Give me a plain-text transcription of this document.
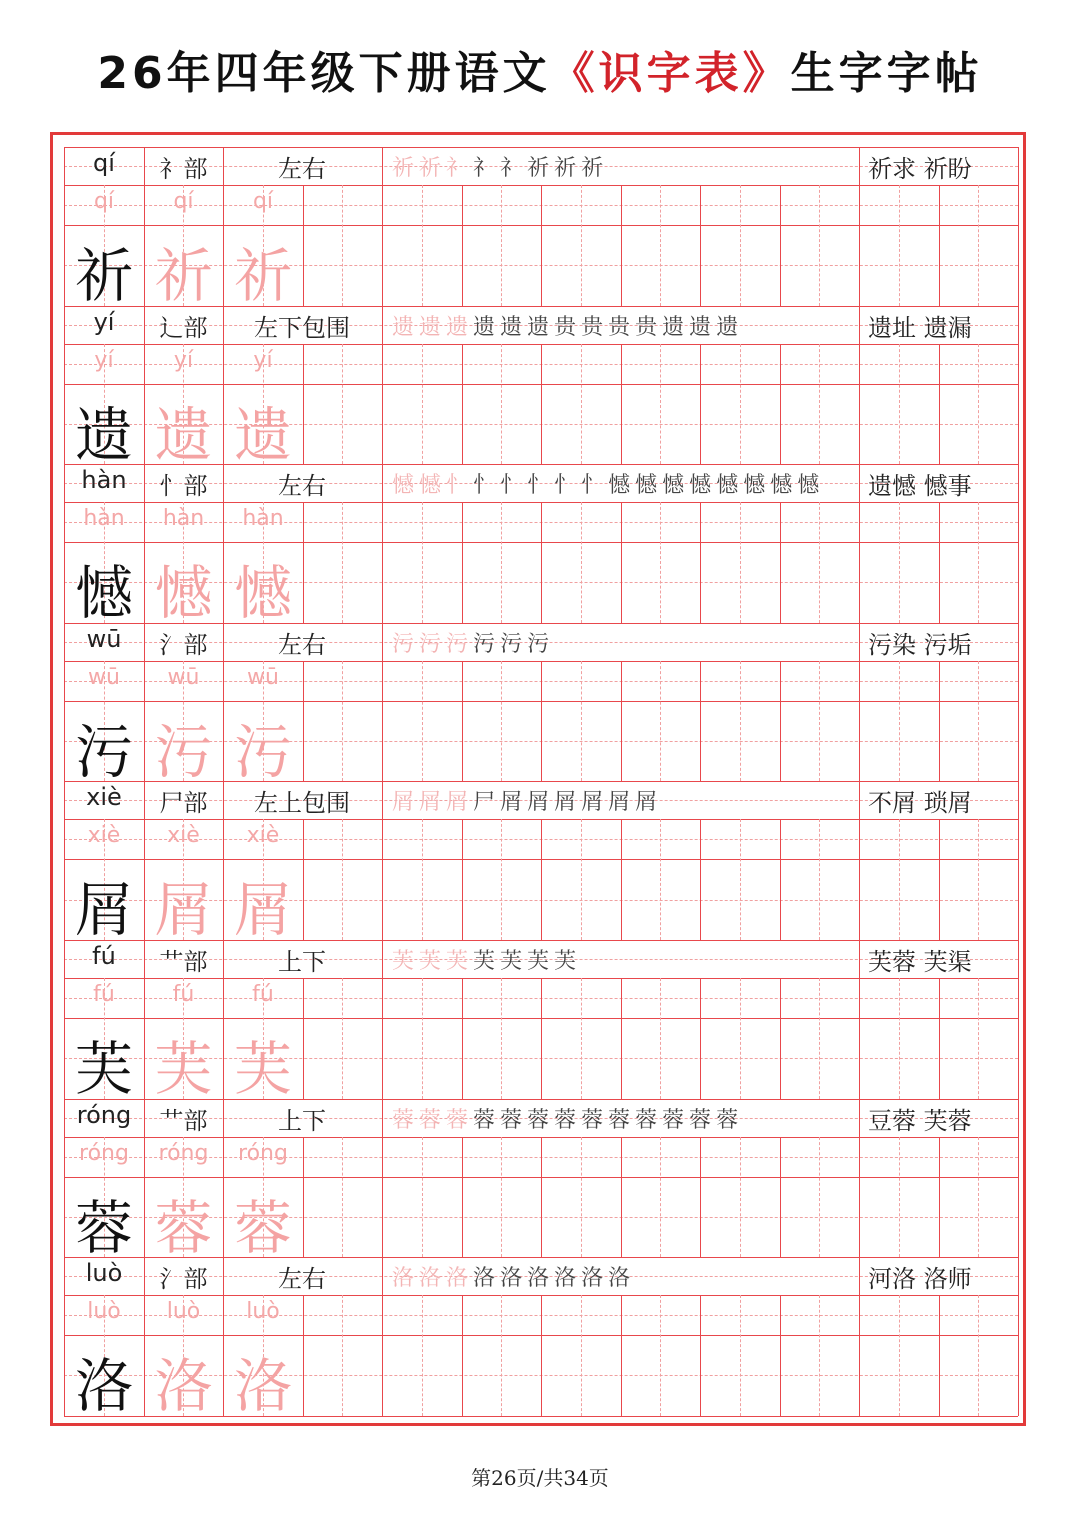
26年四年级下册语文《识字表》生字字帖
qí	礻部	左右	祈 祈 礻 礻 礻 祈 祈 祈	祈求 祈盼
qí	qí	qí
祈 祈 祈
yí	辶部	左下包围	遗 遗 遗 遗 遗 遗 贵 贵 贵 贵 遗 遗 遗	遗址 遗漏
yí	yí	yí
遗 遗 遗
hàn	忄部	左右	憾 憾 忄 忄 忄 忄 忄 忄 憾 憾 憾 憾 憾 憾 憾 憾	遗憾 憾事
hàn	hàn	hàn
憾 憾 憾
wū	氵部	左右	污 污 污 污 污 污	污染 污垢
wū	wū	wū
污 污 污
xiè	尸部	左上包围	屑 屑 屑 尸 屑 屑 屑 屑 屑 屑	不屑 琐屑
xiè	xiè	xiè
屑 屑 屑
fú	艹部	上下	芙 芙 芙 芙 芙 芙 芙	芙蓉 芙渠
fú	fú	fú
芙 芙 芙
róng	艹部	上下	蓉 蓉 蓉 蓉 蓉 蓉 蓉 蓉 蓉 蓉 蓉 蓉 蓉	豆蓉 芙蓉
róng	róng	róng
蓉 蓉 蓉
luò	氵部	左右	洛 洛 洛 洛 洛 洛 洛 洛 洛	河洛 洛师
luò	luò	luò
洛 洛 洛
第26页/共34页
